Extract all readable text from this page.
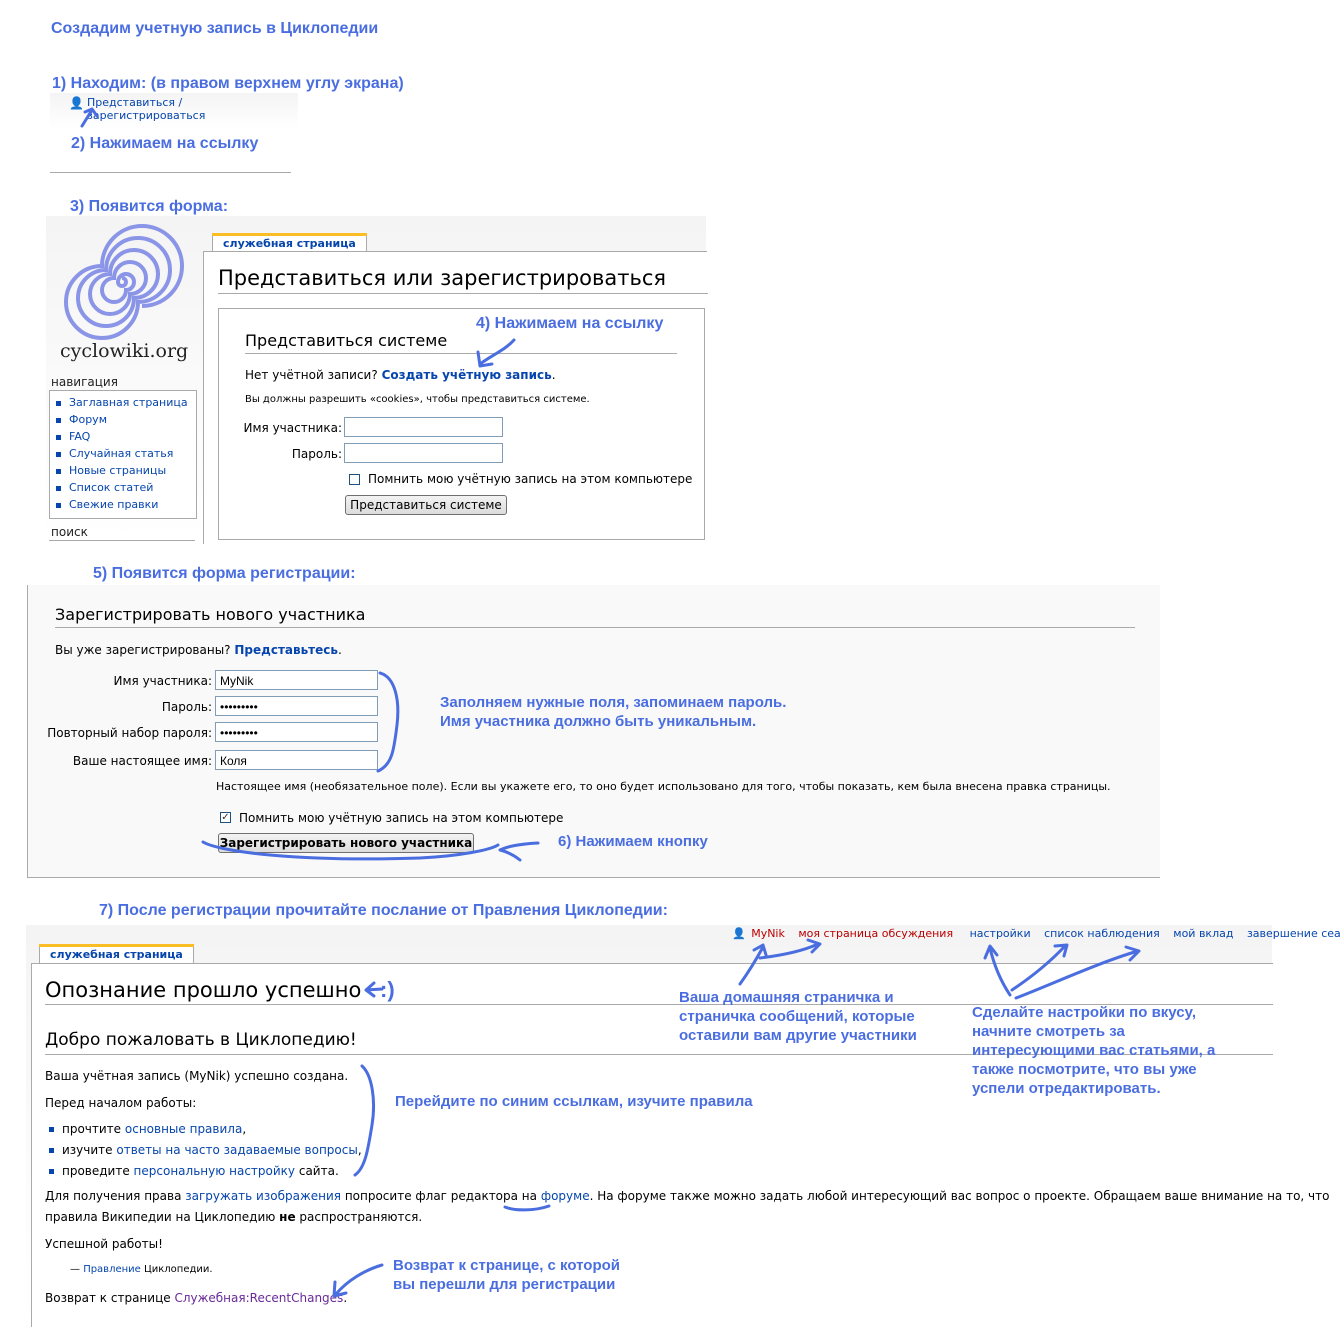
Создадим учетную запись в Циклопедии
1) Находим: (в правом верхнем углу экрана)
👤 Представиться / зарегистрироваться
2) Нажимаем на ссылку
3) Появится форма:
cyclowiki.org
навигация
Заглавная страница
Форум
FAQ
Случайная статья
Новые страницы
Список статей
Свежие правки
поиск
служебная страница
Представиться или зарегистрироваться
Представиться системе
Нет учётной записи? Создать учётную запись.
Вы должны разрешить «cookies», чтобы представиться системе.
Имя участника:
Пароль:
Помнить мою учётную запись на этом компьютере
Представиться системе
4) Нажимаем на ссылку
5) Появится форма регистрации:
Зарегистрировать нового участника
Вы уже зарегистрированы? Представьтесь.
Имя участника: MyNik
Пароль: •••••••••
Повторный набор пароля: •••••••••
Ваше настоящее имя: Коля
Настоящее имя (необязательное поле). Если вы укажете его, то оно будет использовано для того, чтобы показать, кем была внесена правка страницы.
✓ Помнить мою учётную запись на этом компьютере
Зарегистрировать нового участника
Заполняем нужные поля, запоминаем пароль.
Имя участника должно быть уникальным.
6) Нажимаем кнопку
7) После регистрации прочитайте послание от Правления Циклопедии:
👤 MyNik моя страница обсуждения настройки список наблюдения мой вклад завершение сеа
служебная страница
Опознание прошло успешно :)
Добро пожаловать в Циклопедию!
Ваша учётная запись (MyNik) успешно создана.
Перед началом работы:
прочтите основные правила,
изучите ответы на часто задаваемые вопросы,
проведите персональную настройку сайта.
Для получения права загружать изображения попросите флаг редактора на форуме. На форуме также можно задать любой интересующий вас вопрос о проекте. Обращаем ваше внимание на то, что
правила Википедии на Циклопедию не распространяются.
Успешной работы!
— Правление Циклопедии.
Возврат к странице Служебная:RecentChanges.
Ваша домашняя страничка и
страничка сообщений, которые
оставили вам другие участники
Сделайте настройки по вкусу,
начните смотреть за
интересующими вас статьями, а
также посмотрите, что вы уже
успели отредактировать.
Перейдите по синим ссылкам, изучите правила
Возврат к странице, с которой
вы перешли для регистрации
